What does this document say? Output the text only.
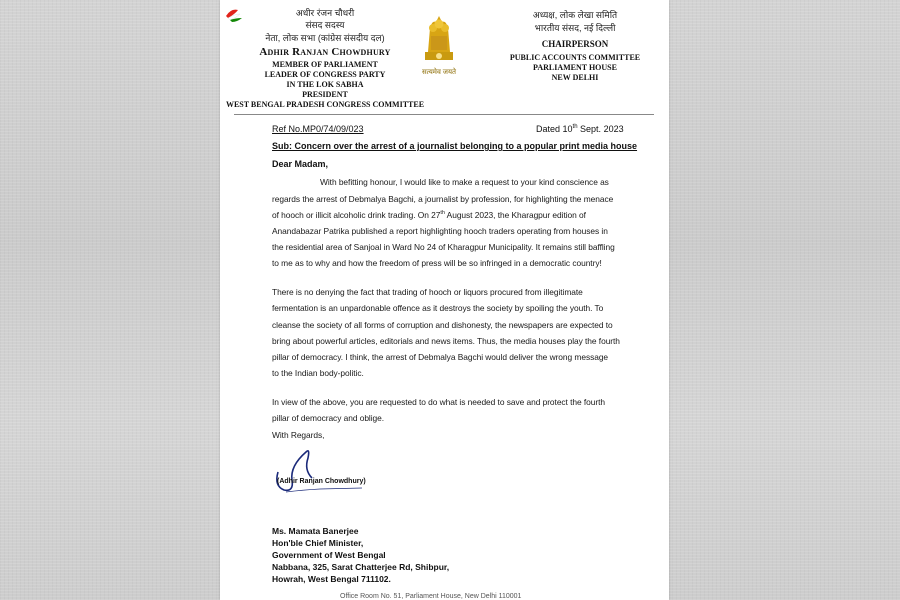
अधीर रंजन चौधरी
संसद सदस्य
नेता, लोक सभा (कांग्रेस संसदीय दल)
Adhir Ranjan Chowdhury
MEMBER OF PARLIAMENT
LEADER OF CONGRESS PARTY
IN THE LOK SABHA
PRESIDENT
WEST BENGAL PRADESH CONGRESS COMMITTEE
सत्यमेव जयते
अध्यक्ष, लोक लेखा समिति
भारतीय संसद, नई दिल्ली
CHAIRPERSON
PUBLIC ACCOUNTS COMMITTEE
PARLIAMENT HOUSE
NEW DELHI
Ref No.MP0/74/09/023	Dated 10th Sept. 2023
Sub: Concern over the arrest of a journalist belonging to a popular print media house
Dear Madam,
With befitting honour, I would like to make a request to your kind conscience as
regards the arrest of Debmalya Bagchi, a journalist by profession, for highlighting the menace
of hooch or illicit alcoholic drink trading. On 27th August 2023, the Kharagpur edition of
Anandabazar Patrika published a report highlighting hooch traders operating from houses in
the residential area of Sanjoal in Ward No 24 of Kharagpur Municipality. It remains still baffling
to me as to why and how the freedom of press will be so infringed in a democratic country!
There is no denying the fact that trading of hooch or liquors procured from illegitimate
fermentation is an unpardonable offence as it destroys the society by spoiling the youth. To
cleanse the society of all forms of corruption and dishonesty, the newspapers are expected to
bring about powerful articles, editorials and news items. Thus, the media houses play the fourth
pillar of democracy. I think, the arrest of Debmalya Bagchi would deliver the wrong message
to the Indian body-politic.
In view of the above, you are requested to do what is needed to save and protect the fourth
pillar of democracy and oblige.
With Regards,
(Adhir Ranjan Chowdhury)
Ms. Mamata Banerjee
Hon'ble Chief Minister,
Government of West Bengal
Nabbana, 325, Sarat Chatterjee Rd, Shibpur,
Howrah, West Bengal 711102.
Office Room No. 51, Parliament House, New Delhi 110001
